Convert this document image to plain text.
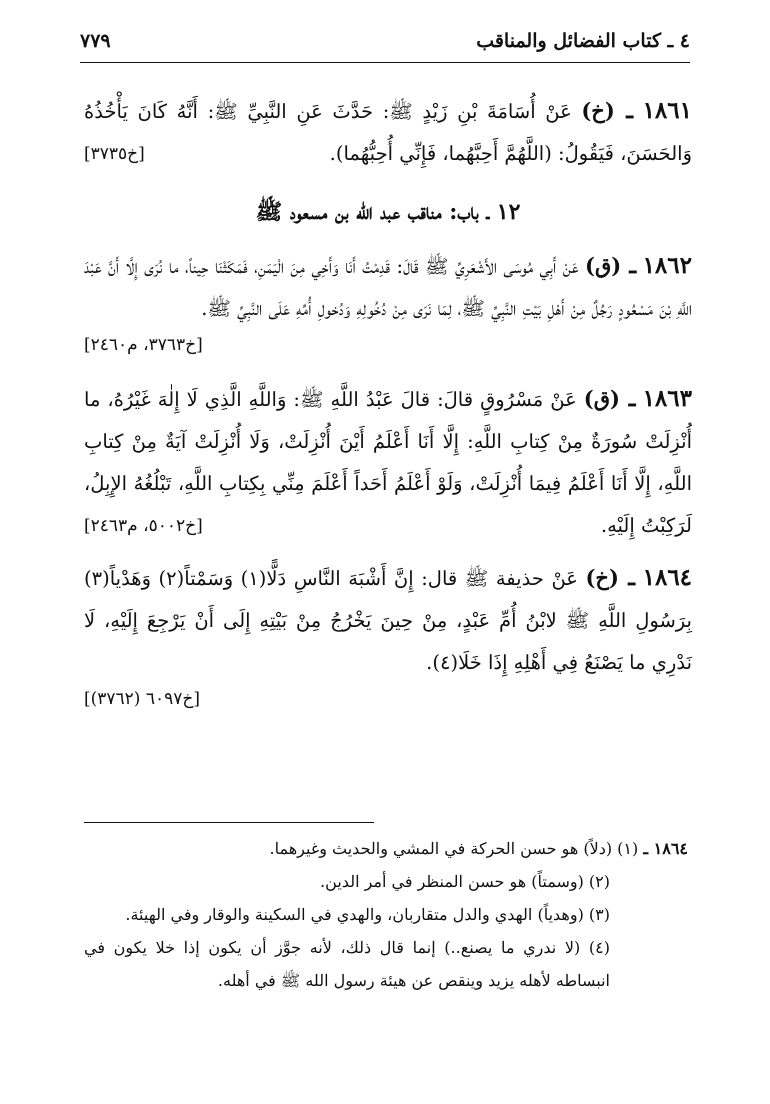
٤ ـ كتاب الفضائل والمناقب
٧٧٩

١٨٦١ ـ (خ) عَنْ أُسَامَةَ بْنِ زَيْدٍ ﷺ: حَدَّثَ عَنِ النَّبِيِّ ﷺ: أَنَّهُ كَانَ يَأْخُذُهُ وَالحَسَنَ، فَيَقُولُ: (اللَّهُمَّ أَحِبَّهُما، فَإِنِّي أُحِبُّهُما).
[خ٣٧٣٥]

١٢ ـ باب: مناقب عبد الله بن مسعود ﷺ

١٨٦٢ ـ (ق) عَنْ أَبِي مُوسَى الأَشْعَرِيِّ ﷺ قَالَ: قَدِمْتُ أَنَا وَأَخِي مِنَ الْيَمَنِ، فَمَكَثْنَا حِيناً، ما نُرَى إِلَّا أَنَّ عَبْدَ اللَّهِ بْنَ مَسْعُودٍ رَجُلٌ مِنْ أَهْلِ بَيْتِ النَّبِيِّ ﷺ، لِمَا نَرَى مِنْ دُخُولِهِ وَدُخولِ أُمِّهِ عَلَى النَّبِيِّ ﷺ.

[خ٣٧٦٣، م٢٤٦٠]

١٨٦٣ ـ (ق) عَنْ مَسْرُوقٍ قالَ: قالَ عَبْدُ اللَّهِ ﷺ: وَاللَّهِ الَّذِي لَا إِلٰهَ غَيْرُهُ، ما أُنْزِلَتْ سُورَةٌ مِنْ كِتابِ اللَّهِ: إِلَّا أَنَا أَعْلَمُ أَيْنَ أُنْزِلَتْ، وَلَا أُنْزِلَتْ آيَةٌ مِنْ كِتابِ اللَّهِ، إِلَّا أَنَا أَعْلَمُ فِيمَا أُنْزِلَتْ، وَلَوْ أَعْلَمُ أَحَداً أَعْلَمَ مِنِّي بِكِتابِ اللَّهِ، تَبْلُغُهُ الإِبِلُ، لَرَكِبْتُ إِلَيْهِ.
[خ٥٠٠٢، م٢٤٦٣]

١٨٦٤ ـ (خ) عَنْ حذيفة ﷺ قال: إِنَّ أَشْبَهَ النَّاسِ دَلًّا(١) وَسَمْتاً(٢) وَهَدْياً(٣) بِرَسُولِ اللَّهِ ﷺ لابْنُ أُمِّ عَبْدٍ، مِنْ حِينَ يَخْرُجُ مِنْ بَيْتِهِ إِلَى أَنْ يَرْجِعَ إِلَيْهِ، لَا نَدْرِي ما يَصْنَعُ فِي أَهْلِهِ إِذَا خَلَا(٤).

[خ٦٠٩٧ (٣٧٦٢)]

١٨٦٤ ـ (١) (دلاً) هو حسن الحركة في المشي والحديث وغيرهما.

(٢) (وسمتاً) هو حسن المنظر في أمر الدين.

(٣) (وهدياً) الهدي والدل متقاربان، والهدي في السكينة والوقار وفي الهيئة.

(٤) (لا ندري ما يصنع..) إنما قال ذلك، لأنه جوَّز أن يكون إذا خلا يكون في انبساطه لأهله يزيد وينقص عن هيئة رسول الله ﷺ في أهله.
